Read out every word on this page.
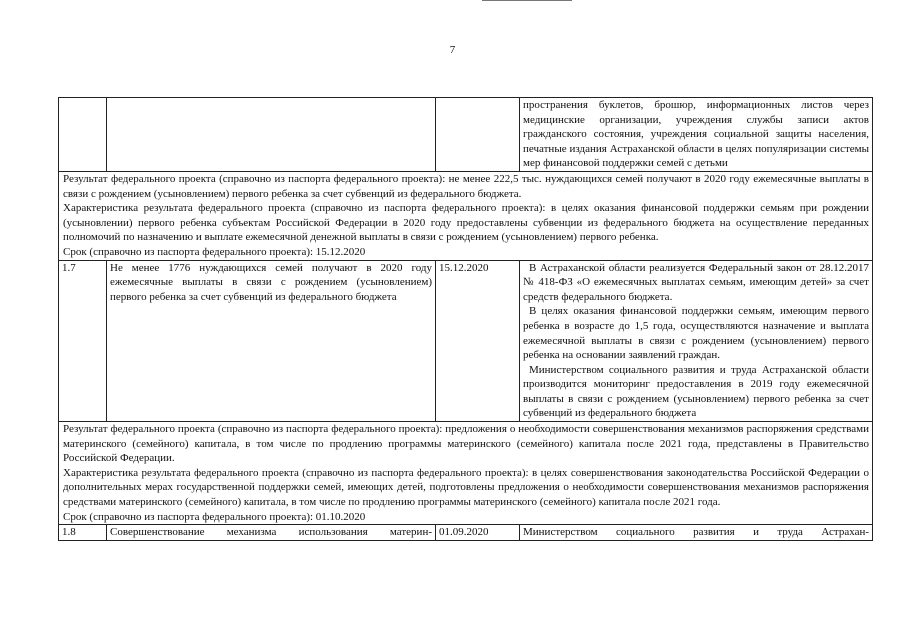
7
			пространения буклетов, брошюр, информационных листов через медицинские организации, учреждения службы записи актов гражданского состояния, учреждения социальной защиты населения, печатные издания Астраханской области в целях популяризации системы мер финансовой поддержки семей с детьми

Результат федерального проекта (справочно из паспорта федерального проекта): не менее 222,5 тыс. нуждающихся семей получают в 2020 году ежемесячные выплаты в связи с рождением (усыновлением) первого ребенка за счет субвенций из федерального бюджета.

Характеристика результата федерального проекта (справочно из паспорта федерального проекта): в целях оказания финансовой поддержки семьям при рождении (усыновлении) первого ребенка субъектам Российской Федерации в 2020 году предоставлены субвенции из федерального бюджета на осуществление переданных полномочий по назначению и выплате ежемесячной денежной выплаты в связи с рождением (усыновлением) первого ребенка.

Срок (справочно из паспорта федерального проекта): 15.12.2020			

1.7	Не менее 1776 нуждающихся семей получают в 2020 году ежемесячные выплаты в связи с рождением (усыновлением) первого ребенка за счет субвенций из федерального бюджета	15.12.2020	В Астраханской области реализуется Федеральный закон от 28.12.2017 № 418-ФЗ «О ежемесячных выплатах семьям, имеющим детей» за счет средств федерального бюджета.

В целях оказания финансовой поддержки семьям, имеющим первого ребенка в возрасте до 1,5 года, осуществляются назначение и выплата ежемесячной выплаты в связи с рождением (усыновлением) первого ребенка на основании заявлений граждан.

Министерством социального развития и труда Астраханской области производится мониторинг предоставления в 2019 году ежемесячной выплаты в связи с рождением (усыновлением) первого ребенка за счет субвенций из федерального бюджета

Результат федерального проекта (справочно из паспорта федерального проекта): предложения о необходимости совершенствования механизмов распоряжения средствами материнского (семейного) капитала, в том числе по продлению программы материнского (семейного) капитала после 2021 года, представлены в Правительство Российской Федерации.

Характеристика результата федерального проекта (справочно из паспорта федерального проекта): в целях совершенствования законодательства Российской Федерации о дополнительных мерах государственной поддержки семей, имеющих детей, подготовлены предложения о необходимости совершенствования механизмов распоряжения средствами материнского (семейного) капитала, в том числе по продлению программы материнского (семейного) капитала после 2021 года.

Срок (справочно из паспорта федерального проекта): 01.10.2020			

1.8	Совершенствование механизма использования материн-	01.09.2020	Министерством социального развития и труда Астрахан-
